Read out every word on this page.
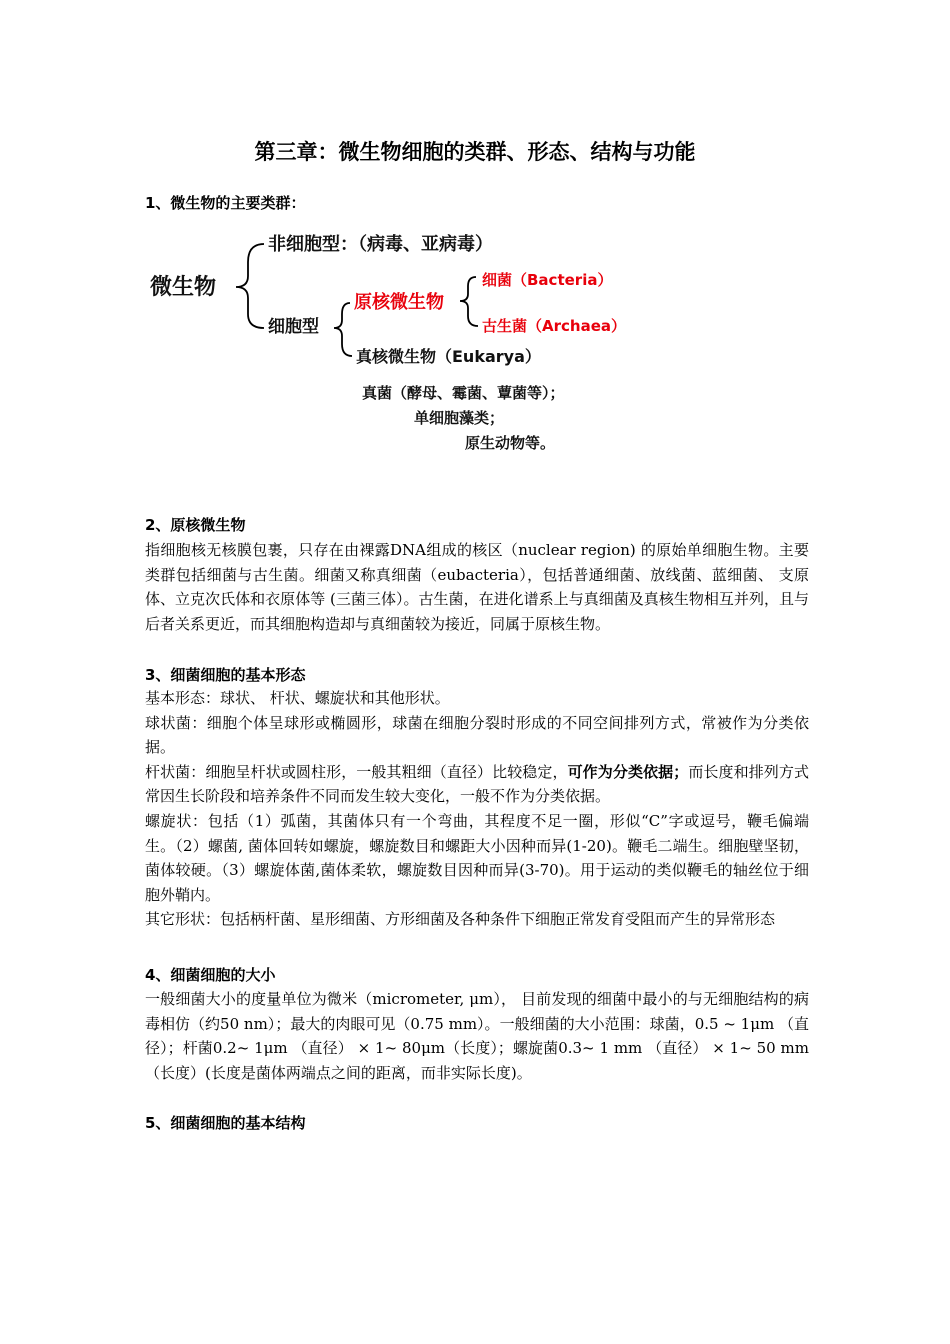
第三章：微生物细胞的类群、形态、结构与功能
1、微生物的主要类群：
微生物
非细胞型：（病毒、亚病毒）
细胞型
原核微生物
细菌（Bacteria）
古生菌（Archaea）
真核微生物（Eukarya）
真菌（酵母、霉菌、蕈菌等）；
单细胞藻类；
原生动物等。
2、原核微生物

指细胞核无核膜包裹，只存在由裸露DNA组成的核区（nuclear region) 的原始单细胞生物。主要类群包括细菌与古生菌。细菌又称真细菌（eubacteria），包括普通细菌、放线菌、蓝细菌、 支原体、立克次氏体和衣原体等 (三菌三体）。古生菌，在进化谱系上与真细菌及真核生物相互并列，且与后者关系更近，而其细胞构造却与真细菌较为接近，同属于原核生物。

3、细菌细胞的基本形态

基本形态：球状、 杆状、螺旋状和其他形状。

球状菌：细胞个体呈球形或椭圆形，球菌在细胞分裂时形成的不同空间排列方式，常被作为分类依据。

杆状菌：细胞呈杆状或圆柱形，一般其粗细（直径）比较稳定，可作为分类依据；而长度和排列方式常因生长阶段和培养条件不同而发生较大变化，一般不作为分类依据。

螺旋状：包括（1）弧菌，其菌体只有一个弯曲，其程度不足一圈，形似“C”字或逗号，鞭毛偏端生。（2）螺菌, 菌体回转如螺旋，螺旋数目和螺距大小因种而异(1-20)。鞭毛二端生。细胞壁坚韧，菌体较硬。（3）螺旋体菌,菌体柔软，螺旋数目因种而异(3-70)。用于运动的类似鞭毛的轴丝位于细胞外鞘内。

其它形状：包括柄杆菌、星形细菌、方形细菌及各种条件下细胞正常发育受阻而产生的异常形态

4、细菌细胞的大小

一般细菌大小的度量单位为微米（micrometer, μm）， 目前发现的细菌中最小的与无细胞结构的病毒相仿（约50 nm）；最大的肉眼可见（0.75 mm）。一般细菌的大小范围：球菌，0.5 ~ 1μm （直径）；杆菌0.2~ 1μm （直径） × 1~ 80μm（长度）；螺旋菌0.3~ 1 mm （直径） × 1~ 50 mm（长度）(长度是菌体两端点之间的距离，而非实际长度)。

5、细菌细胞的基本结构
